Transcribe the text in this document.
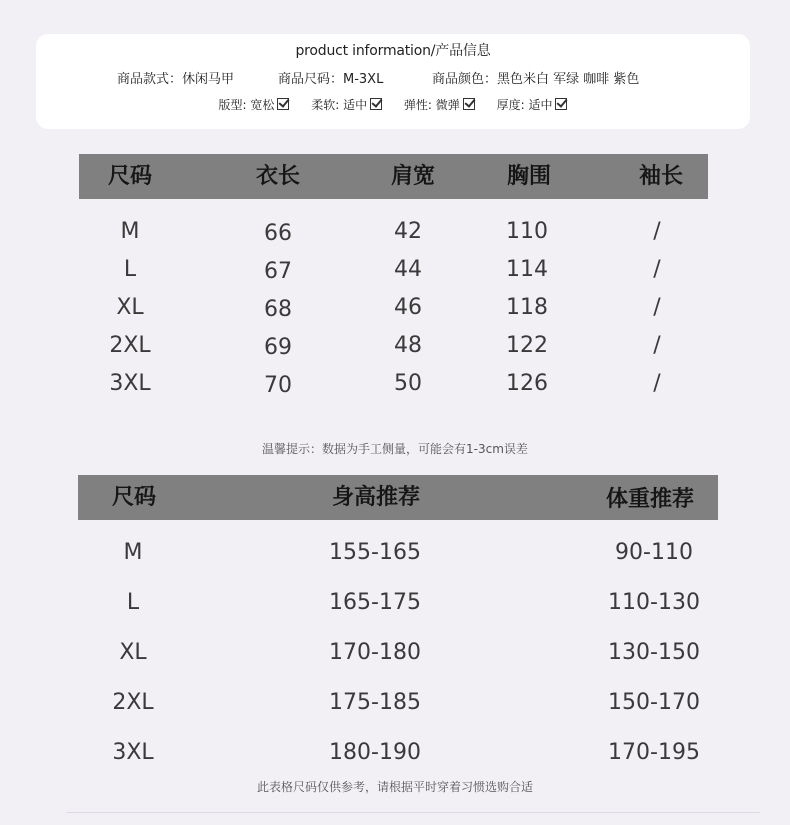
product information/产品信息
商品款式：休闲马甲	商品尺码：M-3XL	商品颜色：黑色米白 军绿 咖啡 紫色
版型: 宽松	柔软: 适中	弹性: 微弹	厚度: 适中
尺码	衣长	肩宽	胸围	袖长
M	66	42	110	/
L	67	44	114	/
XL	68	46	118	/
2XL	69	48	122	/
3XL	70	50	126	/
温馨提示：数据为手工侧量，可能会有1-3cm误差
尺码	身高推荐	体重推荐
M	155-165	90-110
L	165-175	110-130
XL	170-180	130-150
2XL	175-185	150-170
3XL	180-190	170-195
此表格尺码仅供参考，请根据平时穿着习惯选购合适
